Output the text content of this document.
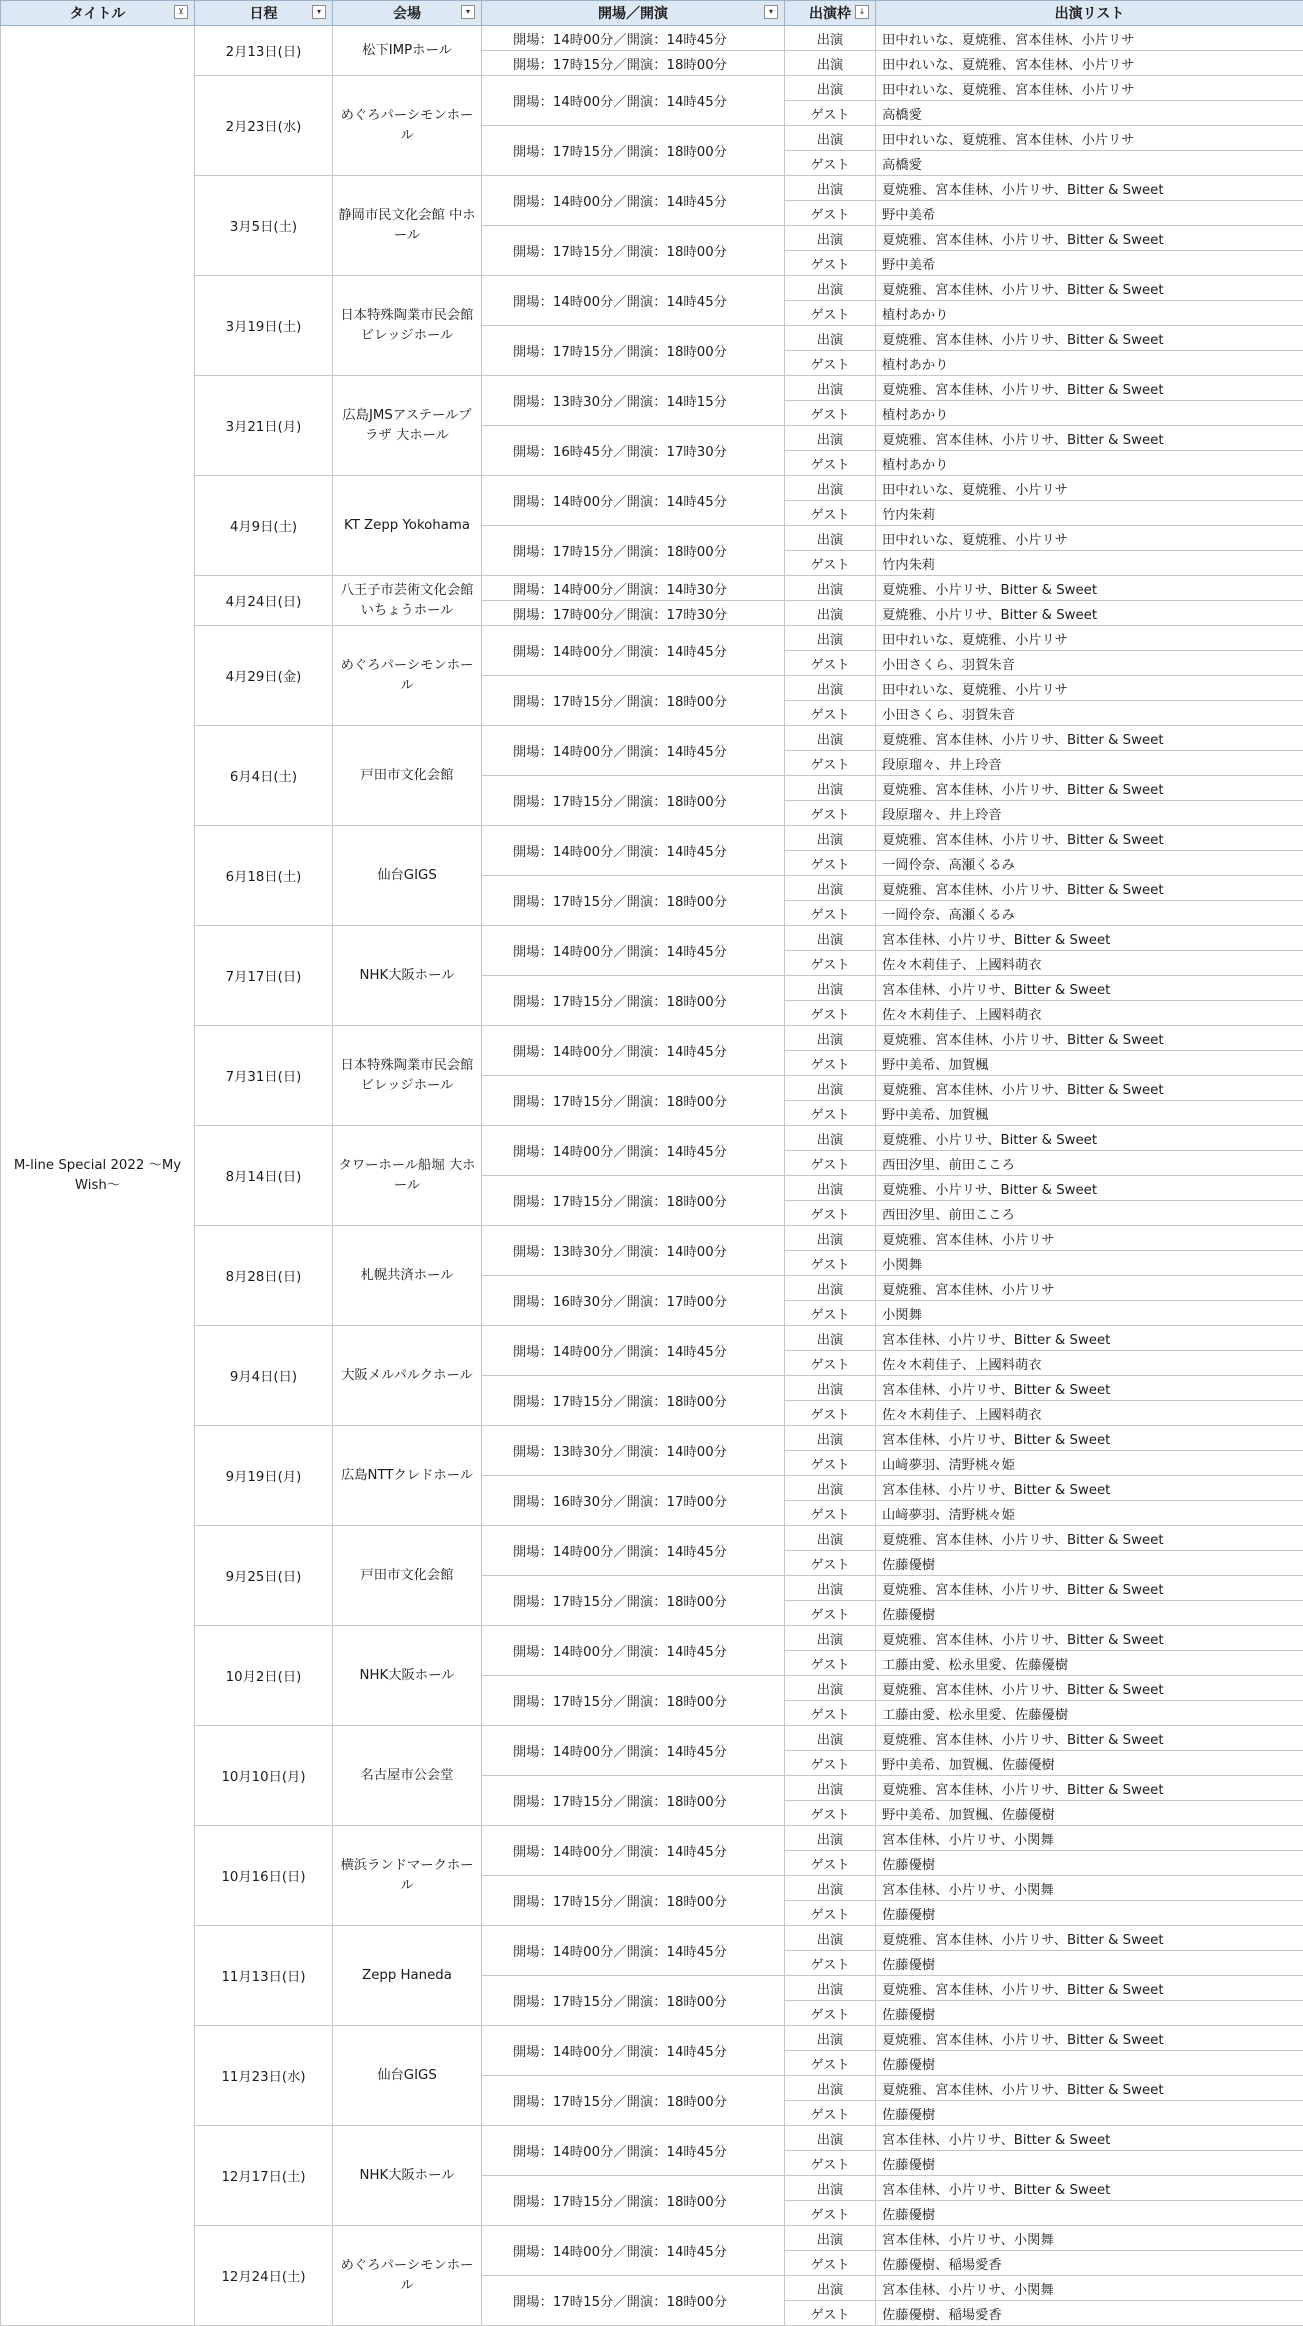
タイトル ⊻	日程 ▾	会場 ▾	開場／開演 ▾	出演枠 ↓	出演リスト
M-line Special 2022 ～My Wish～	2月13日(日)	松下IMPホール	開場：14時00分／開演：14時45分	出演	田中れいな、夏焼雅、宮本佳林、小片リサ
			開場：17時15分／開演：18時00分	出演	田中れいな、夏焼雅、宮本佳林、小片リサ
	2月23日(水)	めぐろパーシモンホール	開場：14時00分／開演：14時45分	出演	田中れいな、夏焼雅、宮本佳林、小片リサ
				ゲスト	高橋愛
			開場：17時15分／開演：18時00分	出演	田中れいな、夏焼雅、宮本佳林、小片リサ
				ゲスト	高橋愛
	3月5日(土)	静岡市民文化会館 中ホール	開場：14時00分／開演：14時45分	出演	夏焼雅、宮本佳林、小片リサ、Bitter & Sweet
				ゲスト	野中美希
			開場：17時15分／開演：18時00分	出演	夏焼雅、宮本佳林、小片リサ、Bitter & Sweet
				ゲスト	野中美希
	3月19日(土)	日本特殊陶業市民会館 ビレッジホール	開場：14時00分／開演：14時45分	出演	夏焼雅、宮本佳林、小片リサ、Bitter & Sweet
				ゲスト	植村あかり
			開場：17時15分／開演：18時00分	出演	夏焼雅、宮本佳林、小片リサ、Bitter & Sweet
				ゲスト	植村あかり
	3月21日(月)	広島JMSアステールプラザ 大ホール	開場：13時30分／開演：14時15分	出演	夏焼雅、宮本佳林、小片リサ、Bitter & Sweet
				ゲスト	植村あかり
			開場：16時45分／開演：17時30分	出演	夏焼雅、宮本佳林、小片リサ、Bitter & Sweet
				ゲスト	植村あかり
	4月9日(土)	KT Zepp Yokohama	開場：14時00分／開演：14時45分	出演	田中れいな、夏焼雅、小片リサ
				ゲスト	竹内朱莉
			開場：17時15分／開演：18時00分	出演	田中れいな、夏焼雅、小片リサ
				ゲスト	竹内朱莉
	4月24日(日)	八王子市芸術文化会館 いちょうホール	開場：14時00分／開演：14時30分	出演	夏焼雅、小片リサ、Bitter & Sweet
			開場：17時00分／開演：17時30分	出演	夏焼雅、小片リサ、Bitter & Sweet
	4月29日(金)	めぐろパーシモンホール	開場：14時00分／開演：14時45分	出演	田中れいな、夏焼雅、小片リサ
				ゲスト	小田さくら、羽賀朱音
			開場：17時15分／開演：18時00分	出演	田中れいな、夏焼雅、小片リサ
				ゲスト	小田さくら、羽賀朱音
	6月4日(土)	戸田市文化会館	開場：14時00分／開演：14時45分	出演	夏焼雅、宮本佳林、小片リサ、Bitter & Sweet
				ゲスト	段原瑠々、井上玲音
			開場：17時15分／開演：18時00分	出演	夏焼雅、宮本佳林、小片リサ、Bitter & Sweet
				ゲスト	段原瑠々、井上玲音
	6月18日(土)	仙台GIGS	開場：14時00分／開演：14時45分	出演	夏焼雅、宮本佳林、小片リサ、Bitter & Sweet
				ゲスト	一岡伶奈、高瀬くるみ
			開場：17時15分／開演：18時00分	出演	夏焼雅、宮本佳林、小片リサ、Bitter & Sweet
				ゲスト	一岡伶奈、高瀬くるみ
	7月17日(日)	NHK大阪ホール	開場：14時00分／開演：14時45分	出演	宮本佳林、小片リサ、Bitter & Sweet
				ゲスト	佐々木莉佳子、上國料萌衣
			開場：17時15分／開演：18時00分	出演	宮本佳林、小片リサ、Bitter & Sweet
				ゲスト	佐々木莉佳子、上國料萌衣
	7月31日(日)	日本特殊陶業市民会館 ビレッジホール	開場：14時00分／開演：14時45分	出演	夏焼雅、宮本佳林、小片リサ、Bitter & Sweet
				ゲスト	野中美希、加賀楓
			開場：17時15分／開演：18時00分	出演	夏焼雅、宮本佳林、小片リサ、Bitter & Sweet
				ゲスト	野中美希、加賀楓
	8月14日(日)	タワーホール船堀 大ホール	開場：14時00分／開演：14時45分	出演	夏焼雅、小片リサ、Bitter & Sweet
				ゲスト	西田汐里、前田こころ
			開場：17時15分／開演：18時00分	出演	夏焼雅、小片リサ、Bitter & Sweet
				ゲスト	西田汐里、前田こころ
	8月28日(日)	札幌共済ホール	開場：13時30分／開演：14時00分	出演	夏焼雅、宮本佳林、小片リサ
				ゲスト	小関舞
			開場：16時30分／開演：17時00分	出演	夏焼雅、宮本佳林、小片リサ
				ゲスト	小関舞
	9月4日(日)	大阪メルパルクホール	開場：14時00分／開演：14時45分	出演	宮本佳林、小片リサ、Bitter & Sweet
				ゲスト	佐々木莉佳子、上國料萌衣
			開場：17時15分／開演：18時00分	出演	宮本佳林、小片リサ、Bitter & Sweet
				ゲスト	佐々木莉佳子、上國料萌衣
	9月19日(月)	広島NTTクレドホール	開場：13時30分／開演：14時00分	出演	宮本佳林、小片リサ、Bitter & Sweet
				ゲスト	山﨑夢羽、清野桃々姫
			開場：16時30分／開演：17時00分	出演	宮本佳林、小片リサ、Bitter & Sweet
				ゲスト	山﨑夢羽、清野桃々姫
	9月25日(日)	戸田市文化会館	開場：14時00分／開演：14時45分	出演	夏焼雅、宮本佳林、小片リサ、Bitter & Sweet
				ゲスト	佐藤優樹
			開場：17時15分／開演：18時00分	出演	夏焼雅、宮本佳林、小片リサ、Bitter & Sweet
				ゲスト	佐藤優樹
	10月2日(日)	NHK大阪ホール	開場：14時00分／開演：14時45分	出演	夏焼雅、宮本佳林、小片リサ、Bitter & Sweet
				ゲスト	工藤由愛、松永里愛、佐藤優樹
			開場：17時15分／開演：18時00分	出演	夏焼雅、宮本佳林、小片リサ、Bitter & Sweet
				ゲスト	工藤由愛、松永里愛、佐藤優樹
	10月10日(月)	名古屋市公会堂	開場：14時00分／開演：14時45分	出演	夏焼雅、宮本佳林、小片リサ、Bitter & Sweet
				ゲスト	野中美希、加賀楓、佐藤優樹
			開場：17時15分／開演：18時00分	出演	夏焼雅、宮本佳林、小片リサ、Bitter & Sweet
				ゲスト	野中美希、加賀楓、佐藤優樹
	10月16日(日)	横浜ランドマークホール	開場：14時00分／開演：14時45分	出演	宮本佳林、小片リサ、小関舞
				ゲスト	佐藤優樹
			開場：17時15分／開演：18時00分	出演	宮本佳林、小片リサ、小関舞
				ゲスト	佐藤優樹
	11月13日(日)	Zepp Haneda	開場：14時00分／開演：14時45分	出演	夏焼雅、宮本佳林、小片リサ、Bitter & Sweet
				ゲスト	佐藤優樹
			開場：17時15分／開演：18時00分	出演	夏焼雅、宮本佳林、小片リサ、Bitter & Sweet
				ゲスト	佐藤優樹
	11月23日(水)	仙台GIGS	開場：14時00分／開演：14時45分	出演	夏焼雅、宮本佳林、小片リサ、Bitter & Sweet
				ゲスト	佐藤優樹
			開場：17時15分／開演：18時00分	出演	夏焼雅、宮本佳林、小片リサ、Bitter & Sweet
				ゲスト	佐藤優樹
	12月17日(土)	NHK大阪ホール	開場：14時00分／開演：14時45分	出演	宮本佳林、小片リサ、Bitter & Sweet
				ゲスト	佐藤優樹
			開場：17時15分／開演：18時00分	出演	宮本佳林、小片リサ、Bitter & Sweet
				ゲスト	佐藤優樹
	12月24日(土)	めぐろパーシモンホール	開場：14時00分／開演：14時45分	出演	宮本佳林、小片リサ、小関舞
				ゲスト	佐藤優樹、稲場愛香
			開場：17時15分／開演：18時00分	出演	宮本佳林、小片リサ、小関舞
				ゲスト	佐藤優樹、稲場愛香
